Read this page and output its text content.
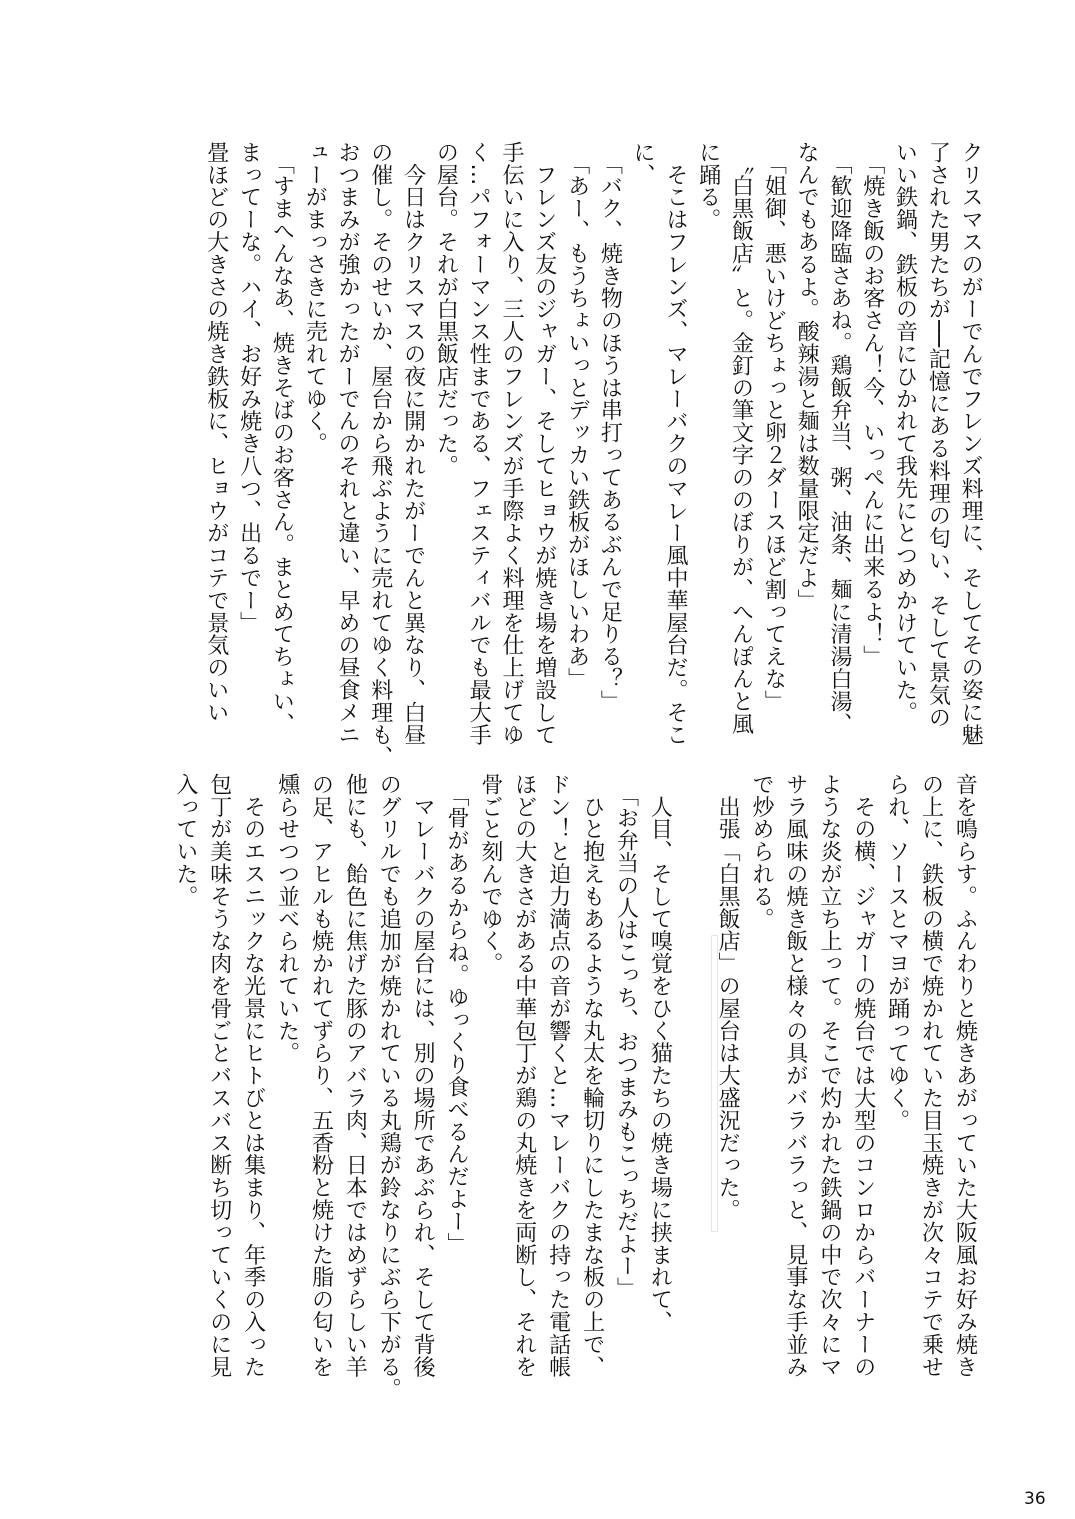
クリスマスのがーでんでフレンズ料理に、そしてその姿に魅
了された男たちが──記憶にある料理の匂い、そして景気の
いい鉄鍋、鉄板の音にひかれて我先にとつめかけていた。
　「焼き飯のお客さん！今、いっぺんに出来るよ！」
　「歓迎降臨さあね。鶏飯弁当、粥、油条、麺に清湯白湯、
なんでもあるよ。酸辣湯と麺は数量限定だよ」
　「姐御、悪いけどちょっと卵２ダースほど割ってえな」
　〝白黒飯店〟と。金釘の筆文字ののぼりが、へんぽんと風
に踊る。
　そこはフレンズ、マレーバクのマレー風中華屋台だ。そこ
に、
　「バク、焼き物のほうは串打ってあるぶんで足りる？」
　「あー、もうちょいっとデッカい鉄板がほしいわあ」
　フレンズ友のジャガー、そしてヒョウが焼き場を増設して
手伝いに入り、三人のフレンズが手際よく料理を仕上げてゆ
く…パフォーマンス性まである、フェスティバルでも最大手
の屋台。それが白黒飯店だった。
　今日はクリスマスの夜に開かれたがーでんと異なり、白昼
の催し。そのせいか、屋台から飛ぶように売れてゆく料理も、
おつまみが強かったがーでんのそれと違い、早めの昼食メニ
ューがまっさきに売れてゆく。
　「すまへんなあ、焼きそばのお客さん。まとめてちょい、
まってーな。ハイ、お好み焼き八つ、出るでー」
畳ほどの大きさの焼き鉄板に、ヒョウがコテで景気のいい
音を鳴らす。ふんわりと焼きあがっていた大阪風お好み焼き
の上に、鉄板の横で焼かれていた目玉焼きが次々コテで乗せ
られ、ソースとマヨが踊ってゆく。
　その横、ジャガーの焼台では大型のコンロからバーナーの
ような炎が立ち上って。そこで灼かれた鉄鍋の中で次々にマ
サラ風味の焼き飯と様々の具がバラバラっと、見事な手並み
で炒められる。
　出張「白黒飯店」の屋台は大盛況だった。
　人目、そして嗅覚をひく猫たちの焼き場に挟まれて、
　「お弁当の人はこっち、おつまみもこっちだよー」
　ひと抱えもあるような丸太を輪切りにしたまな板の上で、
ドン！と迫力満点の音が響くと…マレーバクの持った電話帳
ほどの大きさがある中華包丁が鶏の丸焼きを両断し、それを
骨ごと刻んでゆく。
　「骨があるからね。ゆっくり食べるんだよー」
　マレーバクの屋台には、別の場所であぶられ、そして背後
のグリルでも追加が焼かれている丸鶏が鈴なりにぶら下がる。
他にも、飴色に焦げた豚のアバラ肉、日本ではめずらしい羊
の足、アヒルも焼かれてずらり、五香粉と焼けた脂の匂いを
燻らせつつ並べられていた。
　そのエスニックな光景にヒトびとは集まり、年季の入った
包丁が美味そうな肉を骨ごとバスバス断ち切っていくのに見
入っていた。
36
